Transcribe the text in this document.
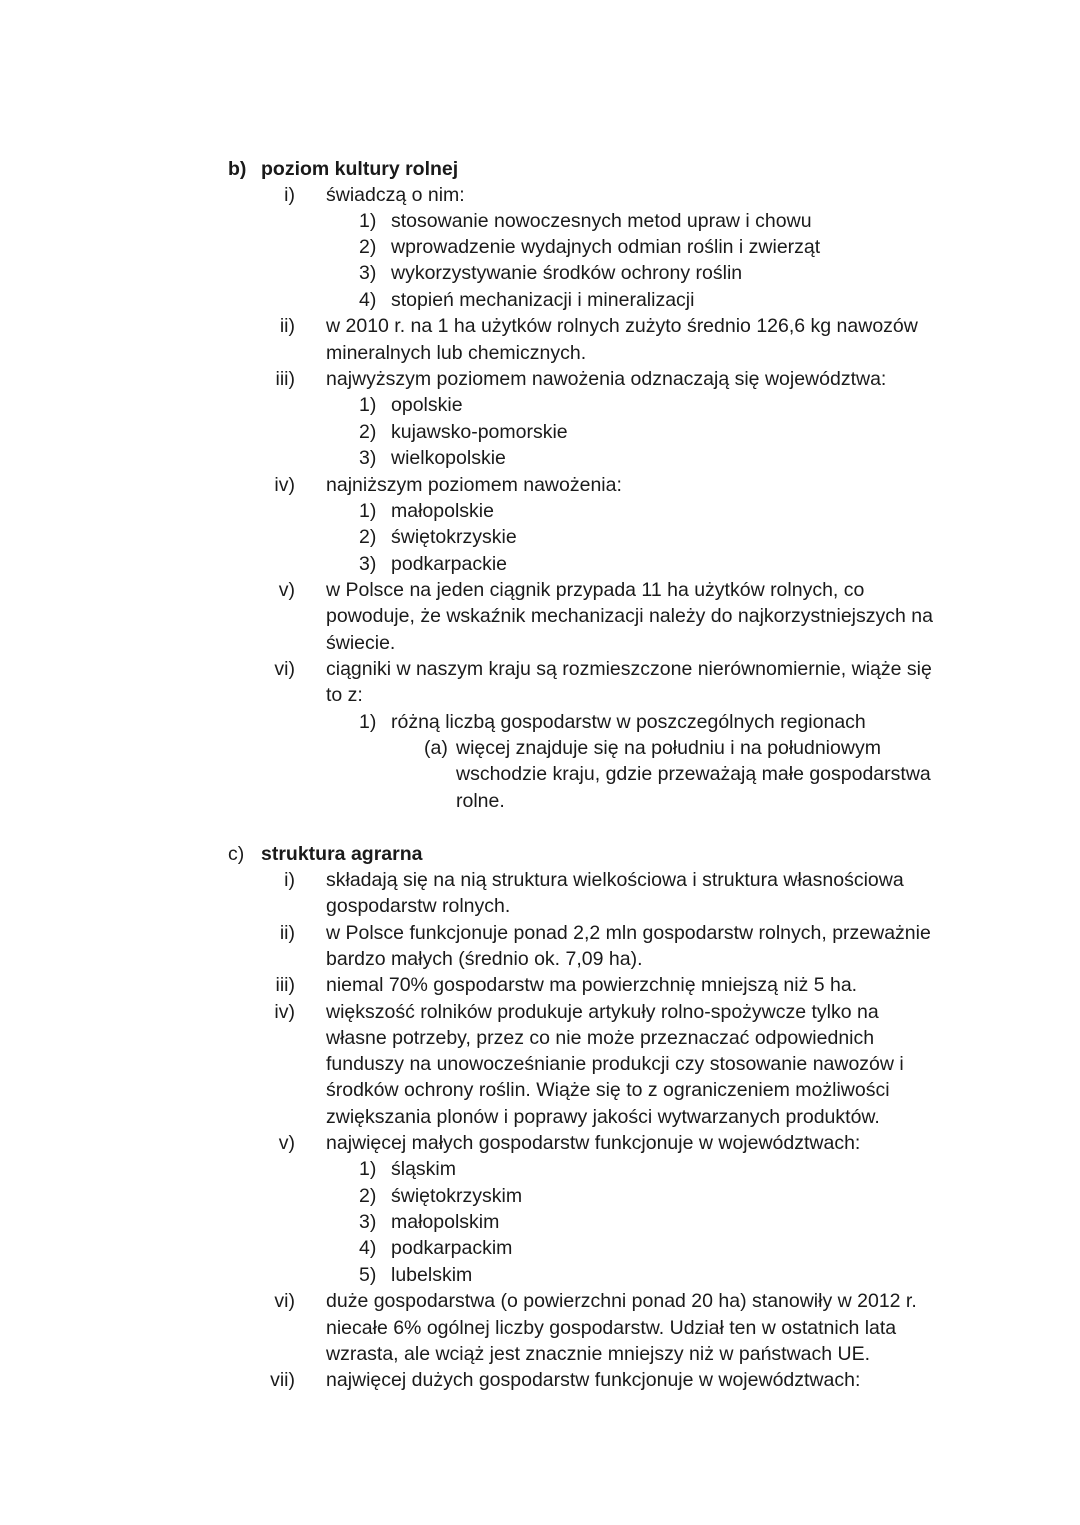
b) poziom kultury rolnej
i) świadczą o nim:
1) stosowanie nowoczesnych metod upraw i chowu
2) wprowadzenie wydajnych odmian roślin i zwierząt
3) wykorzystywanie środków ochrony roślin
4) stopień mechanizacji i mineralizacji
ii) w 2010 r. na 1 ha użytków rolnych zużyto średnio 126,6 kg nawozów
mineralnych lub chemicznych.
iii) najwyższym poziomem nawożenia odznaczają się województwa:
1) opolskie
2) kujawsko-pomorskie
3) wielkopolskie
iv) najniższym poziomem nawożenia:
1) małopolskie
2) świętokrzyskie
3) podkarpackie
v) w Polsce na jeden ciągnik przypada 11 ha użytków rolnych, co
powoduje, że wskaźnik mechanizacji należy do najkorzystniejszych na
świecie.
vi) ciągniki w naszym kraju są rozmieszczone nierównomiernie, wiąże się
to z:
1) różną liczbą gospodarstw w poszczególnych regionach
(a) więcej znajduje się na południu i na południowym
wschodzie kraju, gdzie przeważają małe gospodarstwa
rolne.
c) struktura agrarna
i) składają się na nią struktura wielkościowa i struktura własnościowa
gospodarstw rolnych.
ii) w Polsce funkcjonuje ponad 2,2 mln gospodarstw rolnych, przeważnie
bardzo małych (średnio ok. 7,09 ha).
iii) niemal 70% gospodarstw ma powierzchnię mniejszą niż 5 ha.
iv) większość rolników produkuje artykuły rolno-spożywcze tylko na
własne potrzeby, przez co nie może przeznaczać odpowiednich
funduszy na unowocześnianie produkcji czy stosowanie nawozów i
środków ochrony roślin. Wiąże się to z ograniczeniem możliwości
zwiększania plonów i poprawy jakości wytwarzanych produktów.
v) najwięcej małych gospodarstw funkcjonuje w województwach:
1) śląskim
2) świętokrzyskim
3) małopolskim
4) podkarpackim
5) lubelskim
vi) duże gospodarstwa (o powierzchni ponad 20 ha) stanowiły w 2012 r.
niecałe 6% ogólnej liczby gospodarstw. Udział ten w ostatnich lata
wzrasta, ale wciąż jest znacznie mniejszy niż w państwach UE.
vii) najwięcej dużych gospodarstw funkcjonuje w województwach:
